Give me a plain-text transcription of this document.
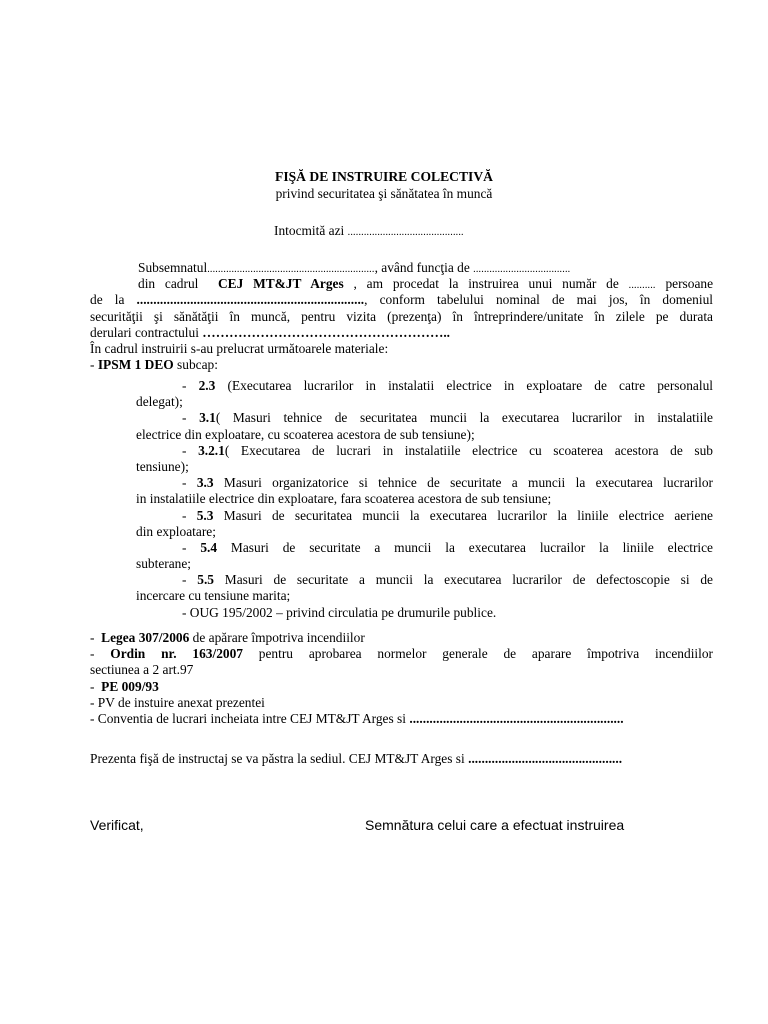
FIŞĂ DE INSTRUIRE COLECTIVĂ
privind securitatea şi sănătatea în muncă
Intocmită azi ...........................................
Subsemnatul.............................................................., având funcţia de ....................................
din cadrul CEJ MT&JT Arges , am procedat la instruirea unui număr de .......... persoane
de la ...................................................................., conform tabelului nominal de mai jos, în domeniul
securităţii şi sănătăţii în muncă, pentru vizita (prezenţa) în întreprindere/unitate în zilele pe durata
derulari contractului ………………………………………………..
În cadrul instruirii s-au prelucrat următoarele materiale:
- IPSM 1 DEO subcap:
- 2.3 (Executarea lucrarilor in instalatii electrice in exploatare de catre personalul
delegat);
- 3.1( Masuri tehnice de securitatea muncii la executarea lucrarilor in instalatiile
electrice din exploatare, cu scoaterea acestora de sub tensiune);
- 3.2.1( Executarea de lucrari in instalatiile electrice cu scoaterea acestora de sub
tensiune);
- 3.3 Masuri organizatorice si tehnice de securitate a muncii la executarea lucrarilor
in instalatiile electrice din exploatare, fara scoaterea acestora de sub tensiune;
- 5.3 Masuri de securitatea muncii la executarea lucrarilor la liniile electrice aeriene
din exploatare;
- 5.4 Masuri de securitate a muncii la executarea lucrailor la liniile electrice
subterane;
- 5.5 Masuri de securitate a muncii la executarea lucrarilor de defectoscopie si de
incercare cu tensiune marita;
- OUG 195/2002 – privind circulatia pe drumurile publice.
-  Legea 307/2006 de apărare împotriva incendiilor
- Ordin nr. 163/2007 pentru aprobarea normelor generale de aparare împotriva incendiilor
sectiunea a 2 art.97
-  PE 009/93
- PV de instuire anexat prezentei
- Conventia de lucrari incheiata intre CEJ MT&JT Arges si ................................................................
Prezenta fişă de instructaj se va păstra la sediul. CEJ MT&JT Arges si ..............................................
Verificat,	Semnătura celui care a efectuat instruirea
